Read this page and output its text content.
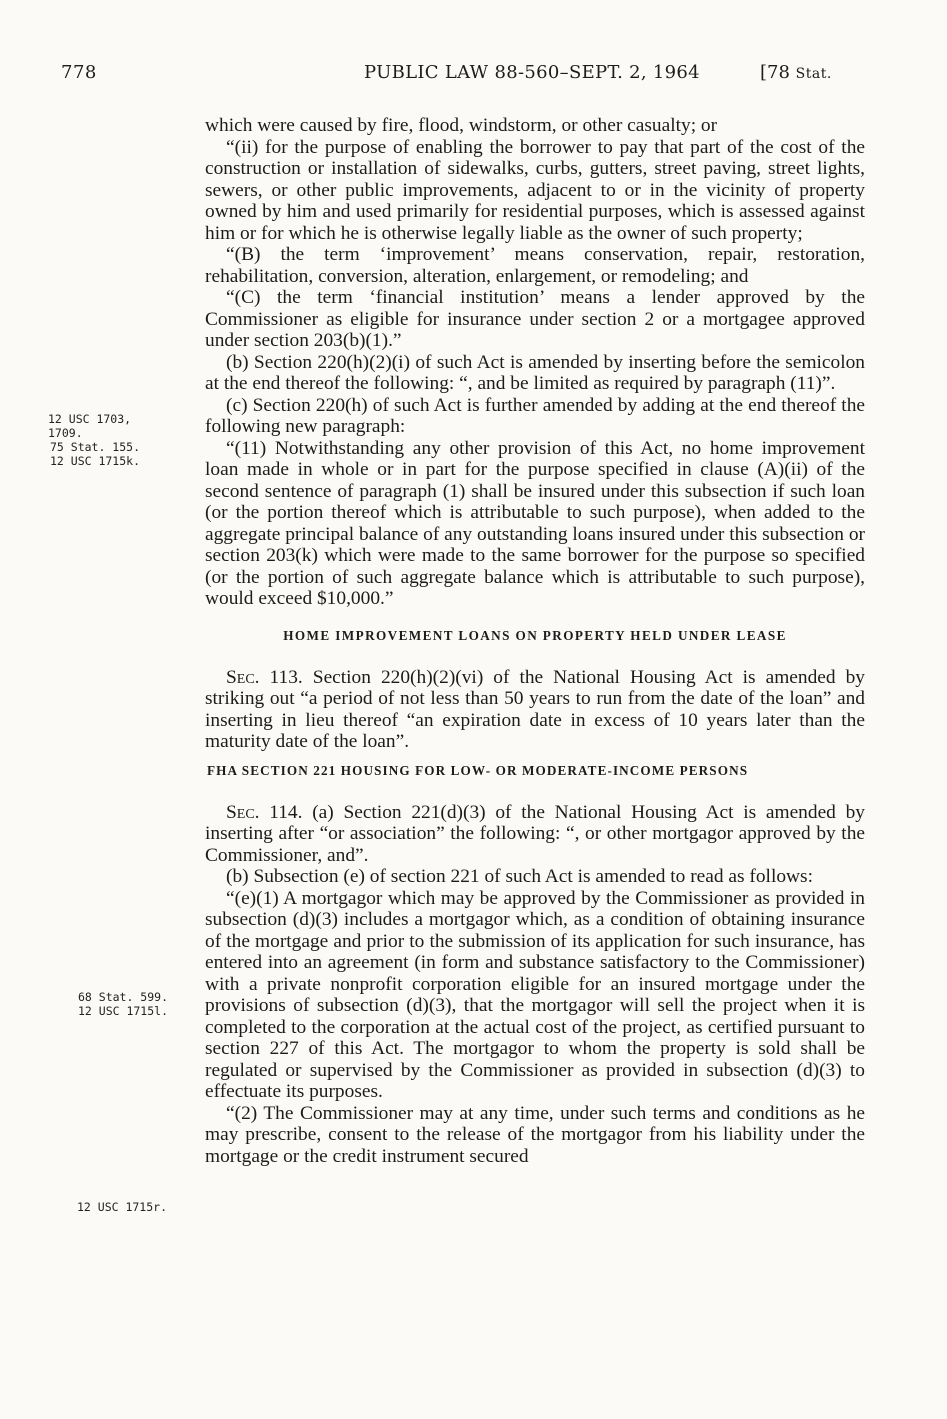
778	PUBLIC LAW 88-560–SEPT. 2, 1964	[78 Stat.
12 USC 1703,
1709.
75 Stat. 155.
12 USC 1715k.
68 Stat. 599.
12 USC 1715l.
12 USC 1715r.

which were caused by fire, flood, windstorm, or other casualty; or

“(ii) for the purpose of enabling the borrower to pay that part of the cost of the construction or installation of sidewalks, curbs, gutters, street paving, street lights, sewers, or other public improvements, adjacent to or in the vicinity of property owned by him and used primarily for residential purposes, which is assessed against him or for which he is otherwise legally liable as the owner of such property;

“(B) the term ‘improvement’ means conservation, repair, restoration, rehabilitation, conversion, alteration, enlargement, or remodeling; and

“(C) the term ‘financial institution’ means a lender approved by the Commissioner as eligible for insurance under section 2 or a mortgagee approved under section 203(b)(1).”

(b) Section 220(h)(2)(i) of such Act is amended by inserting before the semicolon at the end thereof the following: “, and be limited as required by paragraph (11)”.

(c) Section 220(h) of such Act is further amended by adding at the end thereof the following new paragraph:

“(11) Notwithstanding any other provision of this Act, no home improvement loan made in whole or in part for the purpose specified in clause (A)(ii) of the second sentence of paragraph (1) shall be insured under this subsection if such loan (or the portion thereof which is attributable to such purpose), when added to the aggregate principal balance of any outstanding loans insured under this subsection or section 203(k) which were made to the same borrower for the purpose so specified (or the portion of such aggregate balance which is attributable to such purpose), would exceed $10,000.”

HOME IMPROVEMENT LOANS ON PROPERTY HELD UNDER LEASE

Sec. 113. Section 220(h)(2)(vi) of the National Housing Act is amended by striking out “a period of not less than 50 years to run from the date of the loan” and inserting in lieu thereof “an expiration date in excess of 10 years later than the maturity date of the loan”.

FHA SECTION 221 HOUSING FOR LOW- OR MODERATE-INCOME PERSONS

Sec. 114. (a) Section 221(d)(3) of the National Housing Act is amended by inserting after “or association” the following: “, or other mortgagor approved by the Commissioner, and”.

(b) Subsection (e) of section 221 of such Act is amended to read as follows:

“(e)(1) A mortgagor which may be approved by the Commissioner as provided in subsection (d)(3) includes a mortgagor which, as a condition of obtaining insurance of the mortgage and prior to the submission of its application for such insurance, has entered into an agreement (in form and substance satisfactory to the Commissioner) with a private nonprofit corporation eligible for an insured mortgage under the provisions of subsection (d)(3), that the mortgagor will sell the project when it is completed to the corporation at the actual cost of the project, as certified pursuant to section 227 of this Act. The mortgagor to whom the property is sold shall be regulated or supervised by the Commissioner as provided in subsection (d)(3) to effectuate its purposes.

“(2) The Commissioner may at any time, under such terms and conditions as he may prescribe, consent to the release of the mortgagor from his liability under the mortgage or the credit instrument secured
